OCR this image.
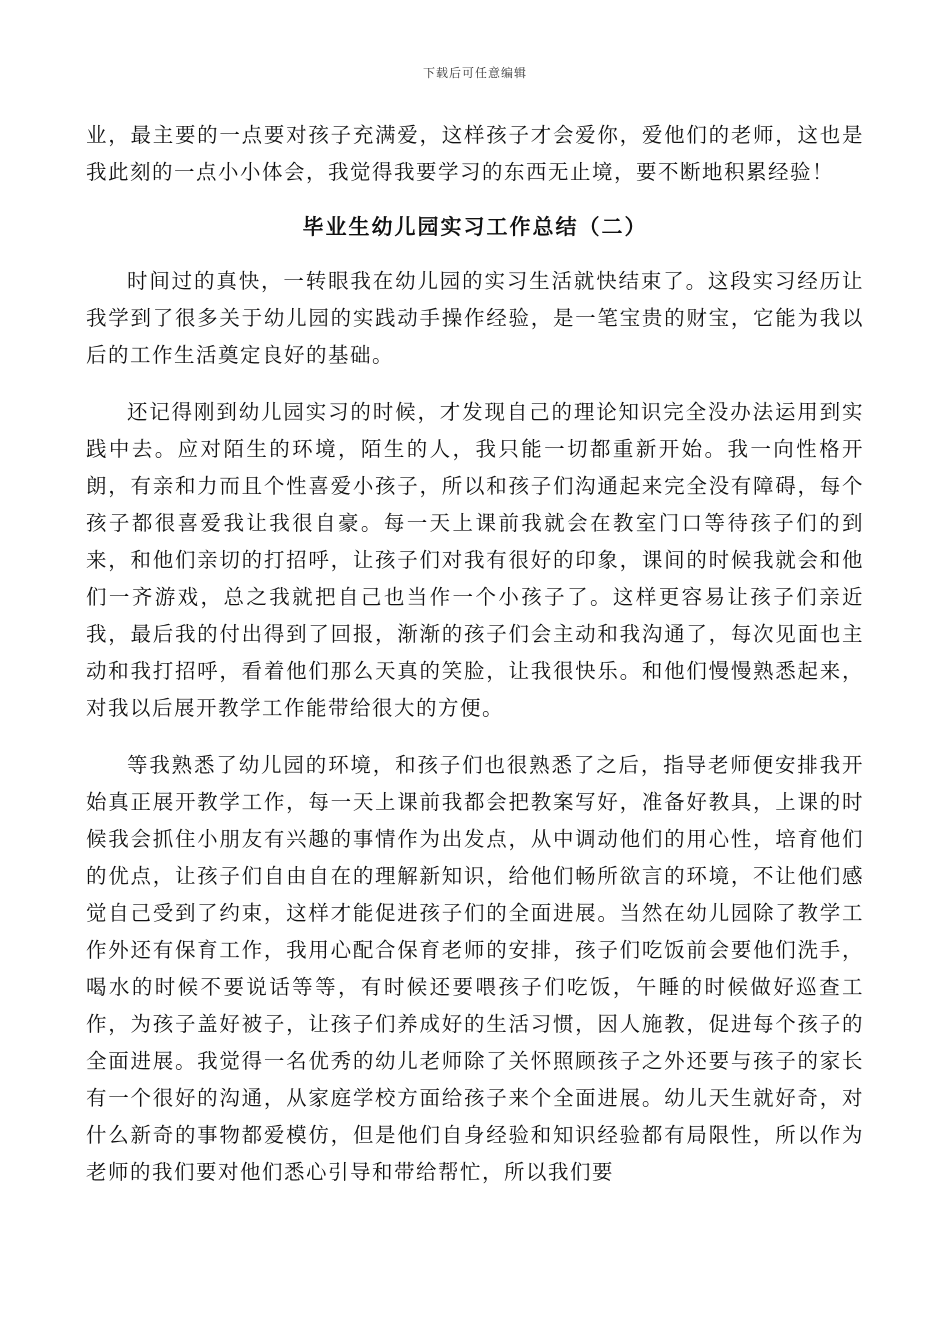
下载后可任意编辑

业，最主要的一点要对孩子充满爱，这样孩子才会爱你，爱他们的老师，这也是我此刻的一点小小体会，我觉得我要学习的东西无止境，要不断地积累经验！

毕业生幼儿园实习工作总结（二）

时间过的真快，一转眼我在幼儿园的实习生活就快结束了。这段实习经历让我学到了很多关于幼儿园的实践动手操作经验，是一笔宝贵的财宝，它能为我以后的工作生活奠定良好的基础。

还记得刚到幼儿园实习的时候，才发现自己的理论知识完全没办法运用到实践中去。应对陌生的环境，陌生的人，我只能一切都重新开始。我一向性格开朗，有亲和力而且个性喜爱小孩子，所以和孩子们沟通起来完全没有障碍，每个孩子都很喜爱我让我很自豪。每一天上课前我就会在教室门口等待孩子们的到来，和他们亲切的打招呼，让孩子们对我有很好的印象，课间的时候我就会和他们一齐游戏，总之我就把自己也当作一个小孩子了。这样更容易让孩子们亲近我，最后我的付出得到了回报，渐渐的孩子们会主动和我沟通了，每次见面也主动和我打招呼，看着他们那么天真的笑脸，让我很快乐。和他们慢慢熟悉起来，对我以后展开教学工作能带给很大的方便。

等我熟悉了幼儿园的环境，和孩子们也很熟悉了之后，指导老师便安排我开始真正展开教学工作，每一天上课前我都会把教案写好，准备好教具，上课的时候我会抓住小朋友有兴趣的事情作为出发点，从中调动他们的用心性，培育他们的优点，让孩子们自由自在的理解新知识，给他们畅所欲言的环境，不让他们感觉自己受到了约束，这样才能促进孩子们的全面进展。当然在幼儿园除了教学工作外还有保育工作，我用心配合保育老师的安排，孩子们吃饭前会要他们洗手，喝水的时候不要说话等等，有时候还要喂孩子们吃饭，午睡的时候做好巡查工作，为孩子盖好被子，让孩子们养成好的生活习惯，因人施教，促进每个孩子的全面进展。我觉得一名优秀的幼儿老师除了关怀照顾孩子之外还要与孩子的家长有一个很好的沟通，从家庭学校方面给孩子来个全面进展。幼儿天生就好奇，对什么新奇的事物都爱模仿，但是他们自身经验和知识经验都有局限性，所以作为老师的我们要对他们悉心引导和带给帮忙，所以我们要
